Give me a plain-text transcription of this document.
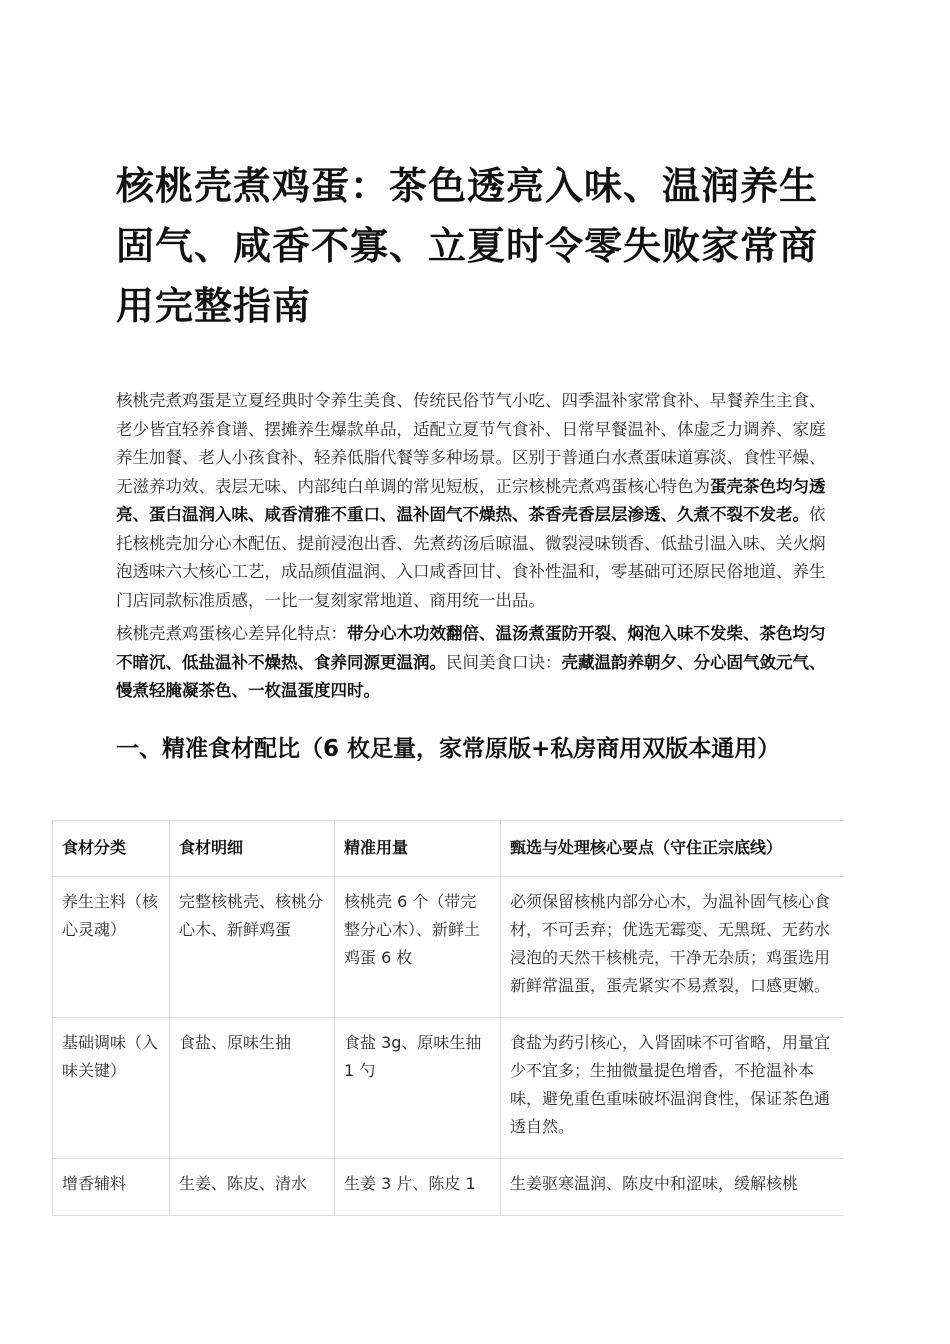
核桃壳煮鸡蛋：茶色透亮入味、温润养生固气、咸香不寡、立夏时令零失败家常商用完整指南

核桃壳煮鸡蛋是立夏经典时令养生美食、传统民俗节气小吃、四季温补家常食补、早餐养生主食、老少皆宜轻养食谱、摆摊养生爆款单品，适配立夏节气食补、日常早餐温补、体虚乏力调养、家庭养生加餐、老人小孩食补、轻养低脂代餐等多种场景。区别于普通白水煮蛋味道寡淡、食性平燥、无滋养功效、表层无味、内部纯白单调的常见短板，正宗核桃壳煮鸡蛋核心特色为蛋壳茶色均匀透亮、蛋白温润入味、咸香清雅不重口、温补固气不燥热、茶香壳香层层渗透、久煮不裂不发老。依托核桃壳加分心木配伍、提前浸泡出香、先煮药汤后晾温、微裂浸味锁香、低盐引温入味、关火焖泡透味六大核心工艺，成品颜值温润、入口咸香回甘、食补性温和，零基础可还原民俗地道、养生门店同款标准质感，一比一复刻家常地道、商用统一出品。

核桃壳煮鸡蛋核心差异化特点：带分心木功效翻倍、温汤煮蛋防开裂、焖泡入味不发柴、茶色均匀不暗沉、低盐温补不燥热、食养同源更温润。民间美食口诀：壳藏温韵养朝夕、分心固气敛元气、慢煮轻腌凝茶色、一枚温蛋度四时。

一、精准食材配比（6 枚足量，家常原版+私房商用双版本通用）
食材分类	食材明细	精准用量	甄选与处理核心要点（守住正宗底线）
养生主料（核心灵魂）	完整核桃壳、核桃分心木、新鲜鸡蛋	核桃壳 6 个（带完整分心木）、新鲜土鸡蛋 6 枚	必须保留核桃内部分心木，为温补固气核心食材，不可丢弃；优选无霉变、无黑斑、无药水浸泡的天然干核桃壳，干净无杂质；鸡蛋选用新鲜常温蛋，蛋壳紧实不易煮裂，口感更嫩。
基础调味（入味关键）	食盐、原味生抽	食盐 3g、原味生抽 1 勺	食盐为药引核心，入肾固味不可省略，用量宜少不宜多；生抽微量提色增香，不抢温补本味，避免重色重味破坏温润食性，保证茶色通透自然。
增香辅料	生姜、陈皮、清水	生姜 3 片、陈皮 1	生姜驱寒温润、陈皮中和涩味，缓解核桃
